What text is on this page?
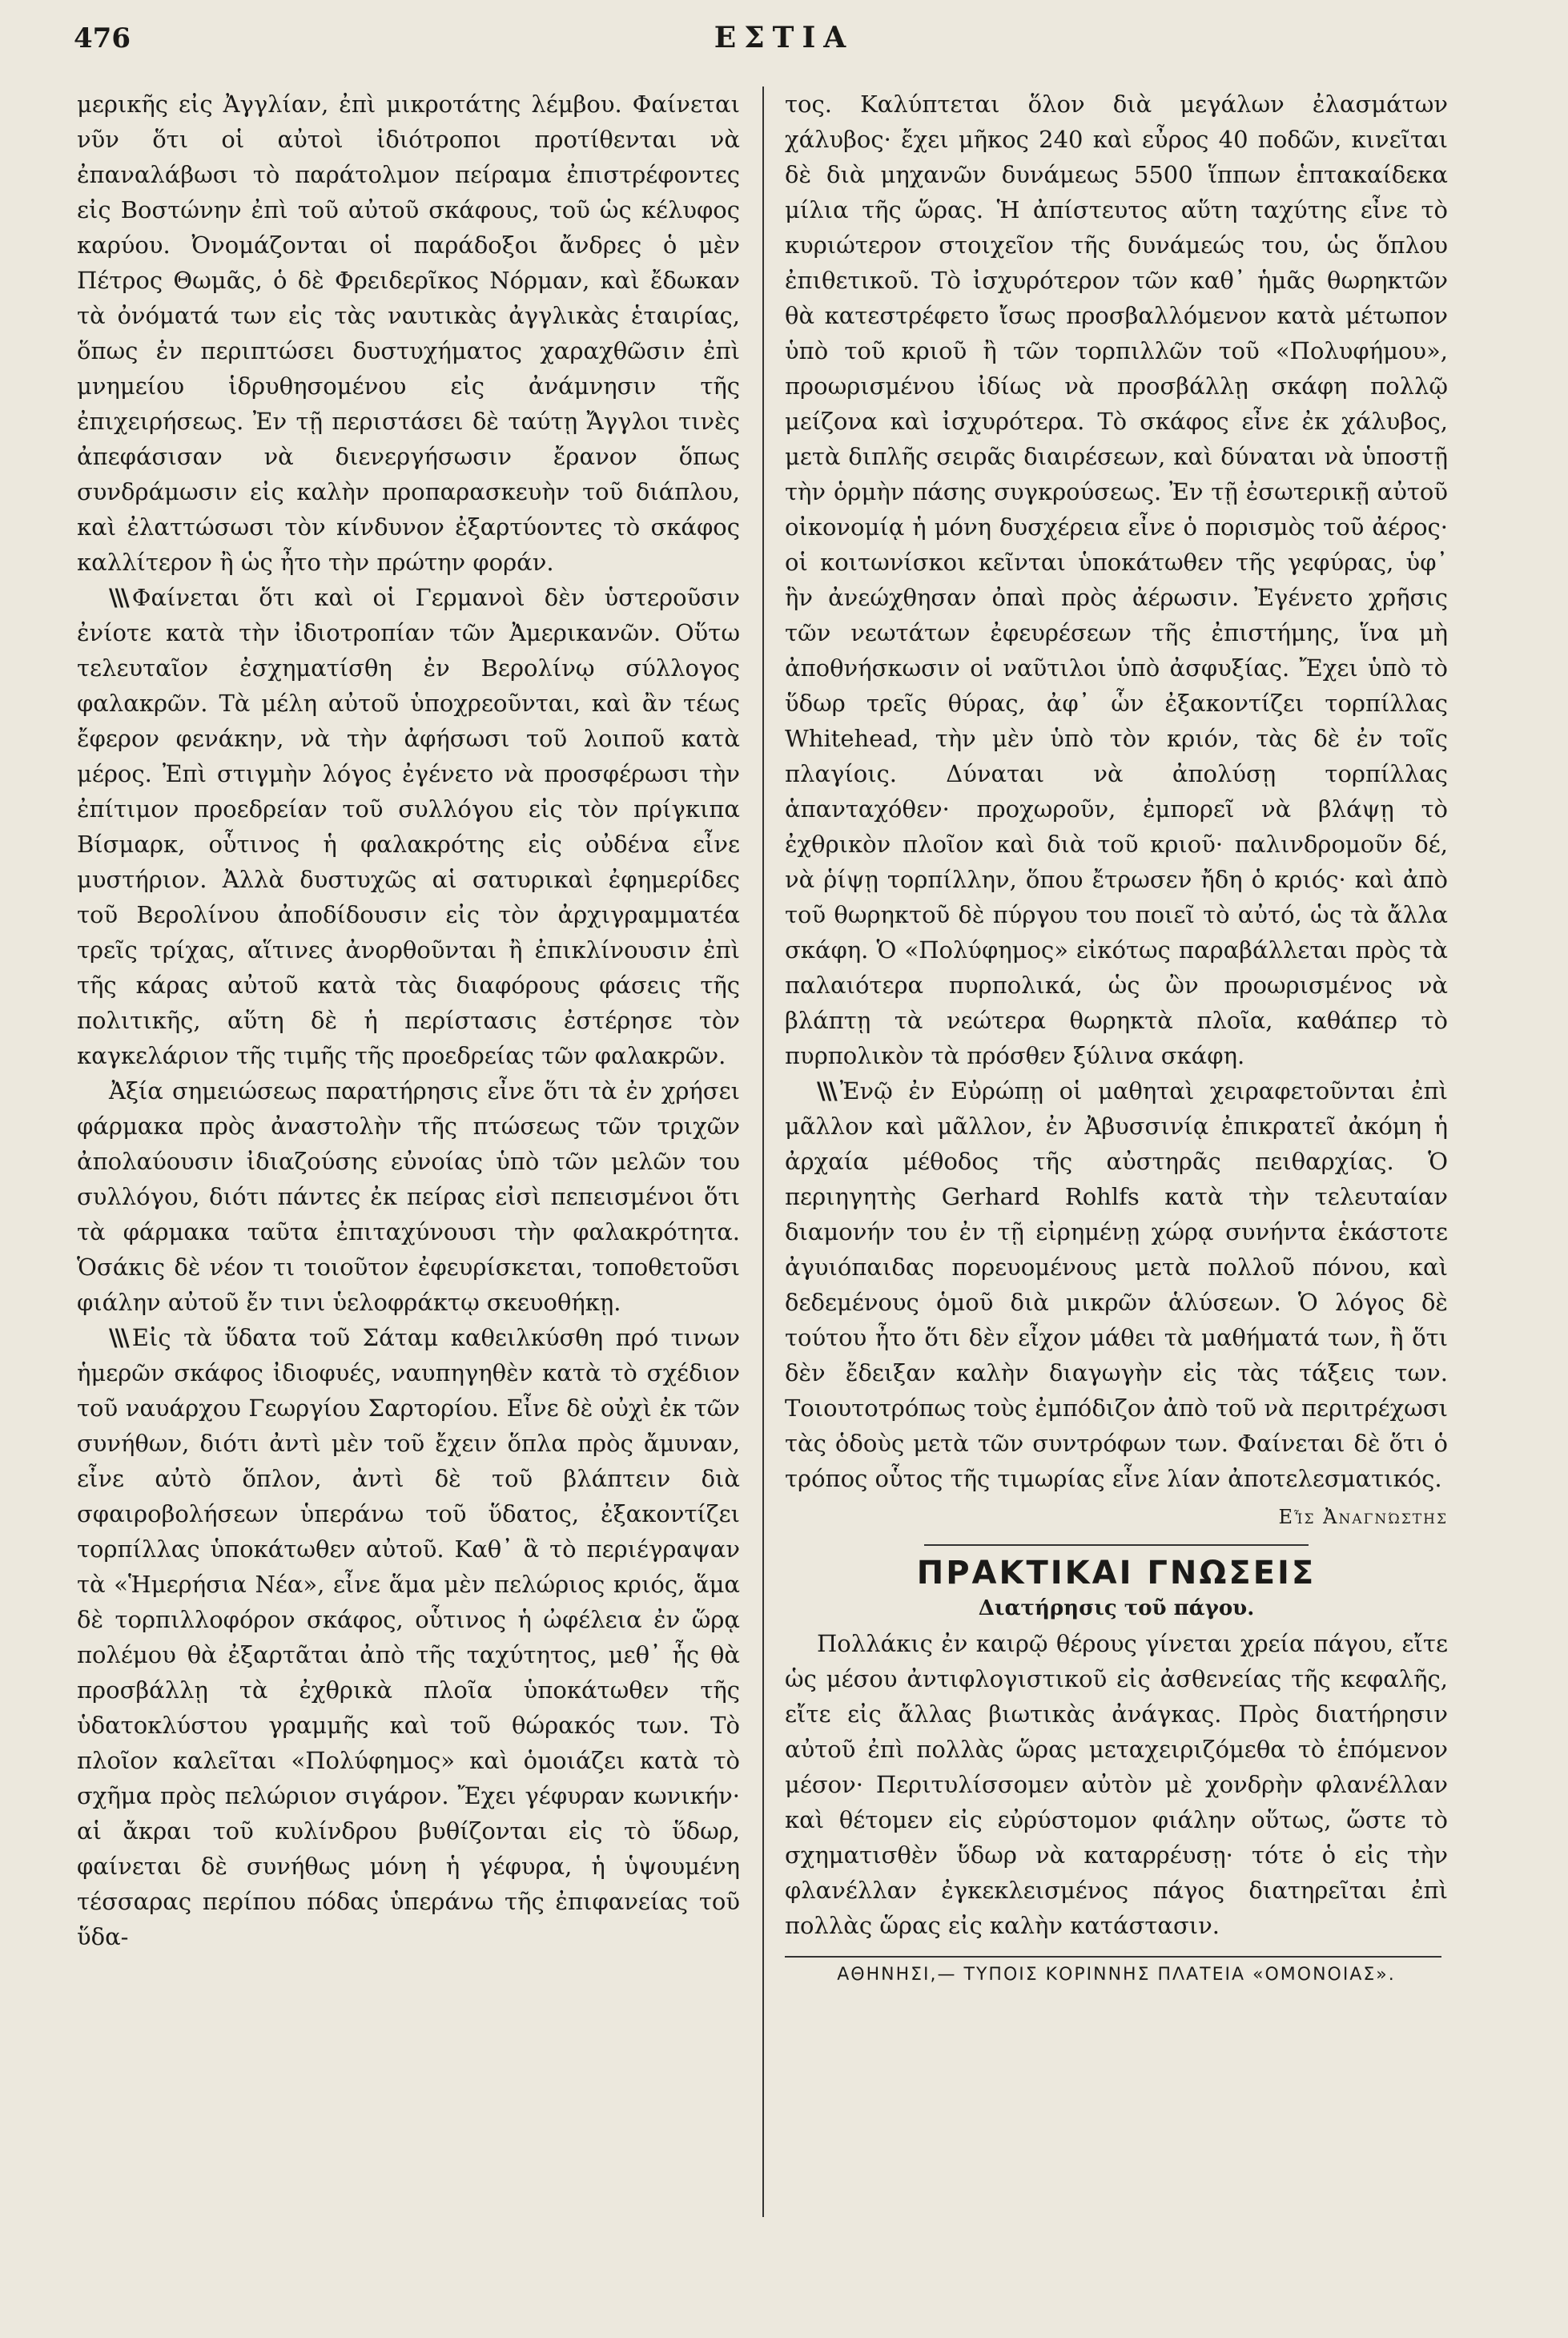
476	ΕΣΤΙΑ

μερικῆς εἰς Ἀγγλίαν, ἐπὶ μικροτάτης λέμβου. Φαίνεται νῦν ὅτι οἱ αὐτοὶ ἰδιότροποι προτίθενται νὰ ἐπαναλάβωσι τὸ παράτολμον πείραμα ἐπιστρέφοντες εἰς Βοστώνην ἐπὶ τοῦ αὐτοῦ σκάφους, τοῦ ὡς κέλυφος καρύου. Ὀνομάζονται οἱ παράδοξοι ἄνδρες ὁ μὲν Πέτρος Θωμᾶς, ὁ δὲ Φρειδερῖκος Νόρμαν, καὶ ἔδωκαν τὰ ὀνόματά των εἰς τὰς ναυτικὰς ἀγγλικὰς ἑταιρίας, ὅπως ἐν περιπτώσει δυστυχήματος χαραχθῶσιν ἐπὶ μνημείου ἱδρυθησομένου εἰς ἀνάμνησιν τῆς ἐπιχειρήσεως. Ἐν τῇ περιστάσει δὲ ταύτῃ Ἄγγλοι τινὲς ἀπεφάσισαν νὰ διενεργήσωσιν ἔρανον ὅπως συνδράμωσιν εἰς καλὴν προπαρασκευὴν τοῦ διάπλου, καὶ ἐλαττώσωσι τὸν κίνδυνον ἐξαρτύοντες τὸ σκάφος καλλίτερον ἢ ὡς ἦτο τὴν πρώτην φοράν.

\\\ Φαίνεται ὅτι καὶ οἱ Γερμανοὶ δὲν ὑστεροῦσιν ἐνίοτε κατὰ τὴν ἰδιοτροπίαν τῶν Ἀμερικανῶν. Οὕτω τελευταῖον ἐσχηματίσθη ἐν Βερολίνῳ σύλλογος φαλακρῶν. Τὰ μέλη αὐτοῦ ὑποχρεοῦνται, καὶ ἂν τέως ἔφερον φενάκην, νὰ τὴν ἀφήσωσι τοῦ λοιποῦ κατὰ μέρος. Ἐπὶ στιγμὴν λόγος ἐγένετο νὰ προσφέρωσι τὴν ἐπίτιμον προεδρείαν τοῦ συλλόγου εἰς τὸν πρίγκιπα Βίσμαρκ, οὗτινος ἡ φαλακρότης εἰς οὐδένα εἶνε μυστήριον. Ἀλλὰ δυστυχῶς αἱ σατυρικαὶ ἐφημερίδες τοῦ Βερολίνου ἀποδίδουσιν εἰς τὸν ἀρχιγραμματέα τρεῖς τρίχας, αἵτινες ἀνορθοῦνται ἢ ἐπικλίνουσιν ἐπὶ τῆς κάρας αὐτοῦ κατὰ τὰς διαφόρους φάσεις τῆς πολιτικῆς, αὕτη δὲ ἡ περίστασις ἐστέρησε τὸν καγκελάριον τῆς τιμῆς τῆς προεδρείας τῶν φαλακρῶν.

Ἀξία σημειώσεως παρατήρησις εἶνε ὅτι τὰ ἐν χρήσει φάρμακα πρὸς ἀναστολὴν τῆς πτώσεως τῶν τριχῶν ἀπολαύουσιν ἰδιαζούσης εὐνοίας ὑπὸ τῶν μελῶν του συλλόγου, διότι πάντες ἐκ πείρας εἰσὶ πεπεισμένοι ὅτι τὰ φάρμακα ταῦτα ἐπιταχύνουσι τὴν φαλακρότητα. Ὁσάκις δὲ νέον τι τοιοῦτον ἐφευρίσκεται, τοποθετοῦσι φιάλην αὐτοῦ ἔν τινι ὑελοφράκτῳ σκευοθήκῃ.

\\\ Εἰς τὰ ὕδατα τοῦ Σάταμ καθειλκύσθη πρό τινων ἡμερῶν σκάφος ἰδιοφυές, ναυπηγηθὲν κατὰ τὸ σχέδιον τοῦ ναυάρχου Γεωργίου Σαρτορίου. Εἶνε δὲ οὐχὶ ἐκ τῶν συνήθων, διότι ἀντὶ μὲν τοῦ ἔχειν ὅπλα πρὸς ἄμυναν, εἶνε αὐτὸ ὅπλον, ἀντὶ δὲ τοῦ βλάπτειν διὰ σφαιροβολήσεων ὑπεράνω τοῦ ὕδατος, ἐξακοντίζει τορπίλλας ὑποκάτωθεν αὐτοῦ. Καθ᾽ ἃ τὸ περιέγραψαν τὰ «Ἡμερήσια Νέα», εἶνε ἅμα μὲν πελώριος κριός, ἅμα δὲ τορπιλλοφόρον σκάφος, οὗτινος ἡ ὠφέλεια ἐν ὥρᾳ πολέμου θὰ ἐξαρτᾶται ἀπὸ τῆς ταχύτητος, μεθ᾽ ἧς θὰ προσβάλλῃ τὰ ἐχθρικὰ πλοῖα ὑποκάτωθεν τῆς ὑδατοκλύστου γραμμῆς καὶ τοῦ θώρακός των. Τὸ πλοῖον καλεῖται «Πολύφημος» καὶ ὁμοιάζει κατὰ τὸ σχῆμα πρὸς πελώριον σιγάρον. Ἔχει γέφυραν κωνικήν· αἱ ἄκραι τοῦ κυλίνδρου βυθίζονται εἰς τὸ ὕδωρ, φαίνεται δὲ συνήθως μόνη ἡ γέφυρα, ἡ ὑψουμένη τέσσαρας περίπου πόδας ὑπεράνω τῆς ἐπιφανείας τοῦ ὕδα-

τος. Καλύπτεται ὅλον διὰ μεγάλων ἐλασμάτων χάλυβος· ἔχει μῆκος 240 καὶ εὖρος 40 ποδῶν, κινεῖται δὲ διὰ μηχανῶν δυνάμεως 5500 ἵππων ἑπτακαίδεκα μίλια τῆς ὥρας. Ἡ ἀπίστευτος αὕτη ταχύτης εἶνε τὸ κυριώτερον στοιχεῖον τῆς δυνάμεώς του, ὡς ὅπλου ἐπιθετικοῦ. Τὸ ἰσχυρότερον τῶν καθ᾽ ἡμᾶς θωρηκτῶν θὰ κατεστρέφετο ἴσως προσβαλλόμενον κατὰ μέτωπον ὑπὸ τοῦ κριοῦ ἢ τῶν τορπιλλῶν τοῦ «Πολυφήμου», προωρισμένου ἰδίως νὰ προσβάλλῃ σκάφη πολλῷ μείζονα καὶ ἰσχυρότερα. Τὸ σκάφος εἶνε ἐκ χάλυβος, μετὰ διπλῆς σειρᾶς διαιρέσεων, καὶ δύναται νὰ ὑποστῇ τὴν ὁρμὴν πάσης συγκρούσεως. Ἐν τῇ ἐσωτερικῇ αὐτοῦ οἰκονομίᾳ ἡ μόνη δυσχέρεια εἶνε ὁ πορισμὸς τοῦ ἀέρος· οἱ κοιτωνίσκοι κεῖνται ὑποκάτωθεν τῆς γεφύρας, ὑφ᾽ ἣν ἀνεώχθησαν ὀπαὶ πρὸς ἀέρωσιν. Ἐγένετο χρῆσις τῶν νεωτάτων ἐφευρέσεων τῆς ἐπιστήμης, ἵνα μὴ ἀποθνήσκωσιν οἱ ναῦτιλοι ὑπὸ ἀσφυξίας. Ἔχει ὑπὸ τὸ ὕδωρ τρεῖς θύρας, ἀφ᾽ ὧν ἐξακοντίζει τορπίλλας Whitehead, τὴν μὲν ὑπὸ τὸν κριόν, τὰς δὲ ἐν τοῖς πλαγίοις. Δύναται νὰ ἀπολύσῃ τορπίλλας ἁπανταχόθεν· προχωροῦν, ἐμπορεῖ νὰ βλάψῃ τὸ ἐχθρικὸν πλοῖον καὶ διὰ τοῦ κριοῦ· παλινδρομοῦν δέ, νὰ ῥίψῃ τορπίλλην, ὅπου ἔτρωσεν ἤδη ὁ κριός· καὶ ἀπὸ τοῦ θωρηκτοῦ δὲ πύργου του ποιεῖ τὸ αὐτό, ὡς τὰ ἄλλα σκάφη. Ὁ «Πολύφημος» εἰκότως παραβάλλεται πρὸς τὰ παλαιότερα πυρπολικά, ὡς ὢν προωρισμένος νὰ βλάπτῃ τὰ νεώτερα θωρηκτὰ πλοῖα, καθάπερ τὸ πυρπολικὸν τὰ πρόσθεν ξύλινα σκάφη.

\\\ Ἐνῷ ἐν Εὐρώπῃ οἱ μαθηταὶ χειραφετοῦνται ἐπὶ μᾶλλον καὶ μᾶλλον, ἐν Ἀβυσσινίᾳ ἐπικρατεῖ ἀκόμη ἡ ἀρχαία μέθοδος τῆς αὐστηρᾶς πειθαρχίας. Ὁ περιηγητὴς Gerhard Rohlfs κατὰ τὴν τελευταίαν διαμονήν του ἐν τῇ εἰρημένῃ χώρᾳ συνήντα ἑκάστοτε ἀγυιόπαιδας πορευομένους μετὰ πολλοῦ πόνου, καὶ δεδεμένους ὁμοῦ διὰ μικρῶν ἁλύσεων. Ὁ λόγος δὲ τούτου ἦτο ὅτι δὲν εἶχον μάθει τὰ μαθήματά των, ἢ ὅτι δὲν ἔδειξαν καλὴν διαγωγὴν εἰς τὰς τάξεις των. Τοιουτοτρόπως τοὺς ἐμπόδιζον ἀπὸ τοῦ νὰ περιτρέχωσι τὰς ὁδοὺς μετὰ τῶν συντρόφων των. Φαίνεται δὲ ὅτι ὁ τρόπος οὗτος τῆς τιμωρίας εἶνε λίαν ἀποτελεσματικός.

Εἷς Ἀναγνώστης
ΠΡΑΚΤΙΚΑΙ ΓΝΩΣΕΙΣ
Διατήρησις τοῦ πάγου.

Πολλάκις ἐν καιρῷ θέρους γίνεται χρεία πάγου, εἴτε ὡς μέσου ἀντιφλογιστικοῦ εἰς ἀσθενείας τῆς κεφαλῆς, εἴτε εἰς ἄλλας βιωτικὰς ἀνάγκας. Πρὸς διατήρησιν αὐτοῦ ἐπὶ πολλὰς ὥρας μεταχειριζόμεθα τὸ ἑπόμενον μέσον· Περιτυλίσσομεν αὐτὸν μὲ χονδρὴν φλανέλλαν καὶ θέτομεν εἰς εὐρύστομον φιάλην οὕτως, ὥστε τὸ σχηματισθὲν ὕδωρ νὰ καταρρέυσῃ· τότε ὁ εἰς τὴν φλανέλλαν ἐγκεκλεισμένος πάγος διατηρεῖται ἐπὶ πολλὰς ὥρας εἰς καλὴν κατάστασιν.

ΑΘΗΝΗΣΙ,— ΤΥΠΟΙΣ ΚΟΡΙΝΝΗΣ ΠΛΑΤΕΙΑ «ΟΜΟΝΟΙΑΣ».
